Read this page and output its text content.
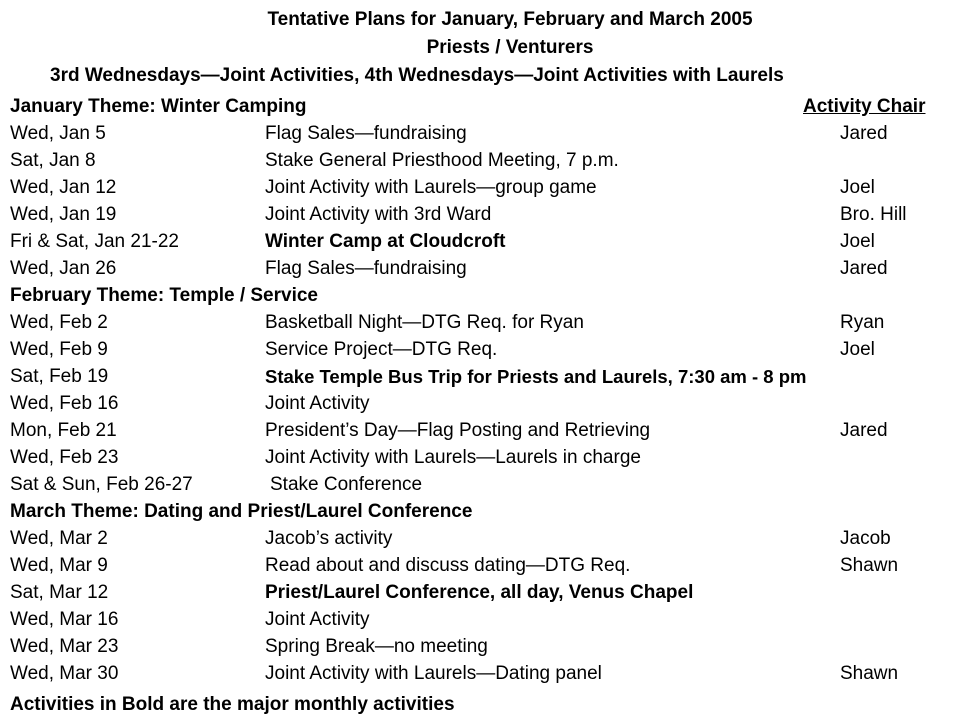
Tentative Plans for January, February and March 2005
Priests / Venturers
3rd Wednesdays—Joint Activities, 4th Wednesdays—Joint Activities with Laurels
January Theme: Winter Camping	Activity Chair
Wed, Jan 5	Flag Sales—fundraising	Jared
Sat, Jan 8	Stake General Priesthood Meeting, 7 p.m.
Wed, Jan 12	Joint Activity with Laurels—group game	Joel
Wed, Jan 19	Joint Activity with 3rd Ward	Bro. Hill
Fri & Sat, Jan 21-22	Winter Camp at Cloudcroft	Joel
Wed, Jan 26	Flag Sales—fundraising	Jared
February Theme: Temple / Service
Wed, Feb 2	Basketball Night—DTG Req. for Ryan	Ryan
Wed, Feb 9	Service Project—DTG Req.	Joel
Sat, Feb 19	Stake Temple Bus Trip for Priests and Laurels, 7:30 am - 8 pm
Wed, Feb 16	Joint Activity
Mon, Feb 21	President’s Day—Flag Posting and Retrieving	Jared
Wed, Feb 23	Joint Activity with Laurels—Laurels in charge
Sat & Sun, Feb 26-27	Stake Conference
March Theme: Dating and Priest/Laurel Conference
Wed, Mar 2	Jacob’s activity	Jacob
Wed, Mar 9	Read about and discuss dating—DTG Req.	Shawn
Sat, Mar 12	Priest/Laurel Conference, all day, Venus Chapel
Wed, Mar 16	Joint Activity
Wed, Mar 23	Spring Break—no meeting
Wed, Mar 30	Joint Activity with Laurels—Dating panel	Shawn
Activities in Bold are the major monthly activities
